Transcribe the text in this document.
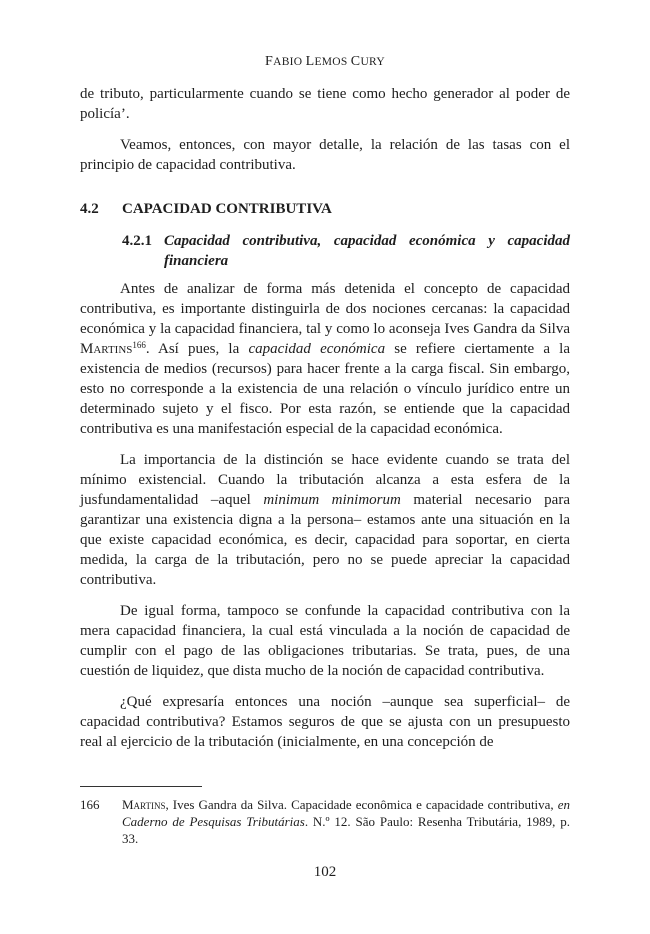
FABIO LEMOS CURY

de tributo, particularmente cuando se tiene como hecho generador al poder de policía’.

Veamos, entonces, con mayor detalle, la relación de las tasas con el principio de capacidad contributiva.

4.2	CAPACIDAD CONTRIBUTIVA
4.2.1 Capacidad contributiva, capacidad económica y capacidad financiera

Antes de analizar de forma más detenida el concepto de capacidad contributiva, es importante distinguirla de dos nociones cercanas: la capacidad económica y la capacidad financiera, tal y como lo aconseja Ives Gandra da Silva Martins$^{166}$. Así pues, la capacidad económica se refiere ciertamente a la existencia de medios (recursos) para hacer frente a la carga fiscal. Sin embargo, esto no corresponde a la existencia de una relación o vínculo jurídico entre un determinado sujeto y el fisco. Por esta razón, se entiende que la capacidad contributiva es una manifestación especial de la capacidad económica.

La importancia de la distinción se hace evidente cuando se trata del mínimo existencial. Cuando la tributación alcanza a esta esfera de la jusfundamentalidad –aquel minimum minimorum material necesario para garantizar una existencia digna a la persona– estamos ante una situación en la que existe capacidad económica, es decir, capacidad para soportar, en cierta medida, la carga de la tributación, pero no se puede apreciar la capacidad contributiva.

De igual forma, tampoco se confunde la capacidad contributiva con la mera capacidad financiera, la cual está vinculada a la noción de capacidad de cumplir con el pago de las obligaciones tributarias. Se trata, pues, de una cuestión de liquidez, que dista mucho de la noción de capacidad contributiva.

¿Qué expresaría entonces una noción –aunque sea superficial– de capacidad contributiva? Estamos seguros de que se ajusta con un presupuesto real al ejercicio de la tributación (inicialmente, en una concepción de

166	Martins, Ives Gandra da Silva. Capacidade econômica e capacidade contributiva, en Caderno de Pesquisas Tributárias. N.º 12. São Paulo: Resenha Tributária, 1989, p. 33.
102
